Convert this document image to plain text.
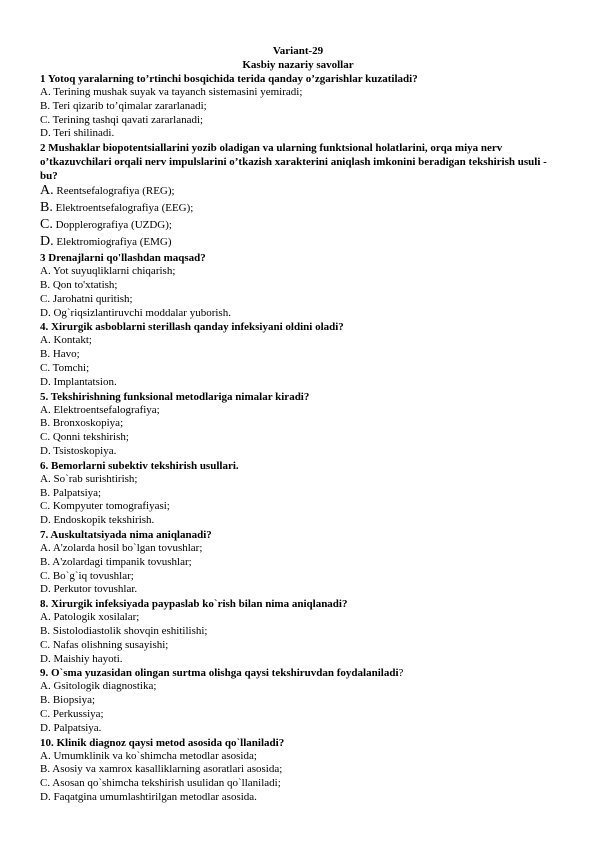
Variant-29

Kasbiy nazariy savollar

1 Yotoq yaralarning to’rtinchi bosqichida terida qanday o’zgarishlar kuzatiladi?

A. Terining mushak suyak va tayanch sistemasini yemiradi;

B. Teri qizarib to’qimalar zararlanadi;

C. Terining tashqi qavati zararlanadi;

D. Teri shilinadi.

2 Mushaklar biopotentsiallarini yozib oladigan va ularning funktsional holatlarini, orqa miya nerv o’tkazuvchilari orqali nerv impulslarini o’tkazish xarakterini aniqlash imkonini beradigan tekshirish usuli -bu?

A. Reentsefalografiya (REG);

B. Elektroentsefalografiya (EEG);

C. Dopplerografiya (UZDG);

D. Elektromiografiya (EMG)

3 Drenajlarni qo'llashdan maqsad?

A. Yot suyuqliklarni chiqarish;

B. Qon to'xtatish;

C. Jarohatni quritish;

D. Og`riqsizlantiruvchi moddalar yuborish.

4. Xirurgik asboblarni sterillash qanday infeksiyani oldini oladi?

A. Kontakt;

B. Havo;

C. Tomchi;

D. Implantatsion.

5. Tekshirishning funksional metodlariga nimalar kiradi?

A. Elektroentsefalografiya;

B. Bronxoskopiya;

C. Qonni tekshirish;

D. Tsistoskopiya.

6. Bemorlarni subektiv tekshirish usullari.

A. So`rab surishtirish;

B. Palpatsiya;

C. Kompyuter tomografiyasi;

D. Endoskopik tekshirish.

7. Auskultatsiyada nima aniqlanadi?

A. A'zolarda hosil bo`lgan tovushlar;

B. A'zolardagi timpanik tovushlar;

C. Bo`g`iq tovushlar;

D. Perkutor tovushlar.

8. Xirurgik infeksiyada paypaslab ko`rish bilan nima aniqlanadi?

A. Patologik xosilalar;

B. Sistolodiastolik shovqin eshitilishi;

C. Nafas olishning susayishi;

D. Maishiy hayoti.

9. O`sma yuzasidan olingan surtma olishga qaysi tekshiruvdan foydalaniladi?

A. Gsitologik diagnostika;

B. Biopsiya;

C. Perkussiya;

D. Palpatsiya.

10. Klinik diagnoz qaysi metod asosida qo`llaniladi?

A. Umumklinik va ko`shimcha metodlar asosida;

B. Asosiy va xamrox kasalliklarning asoratlari asosida;

C. Asosan qo`shimcha tekshirish usulidan qo`llaniladi;

D. Faqatgina umumlashtirilgan metodlar asosida.
